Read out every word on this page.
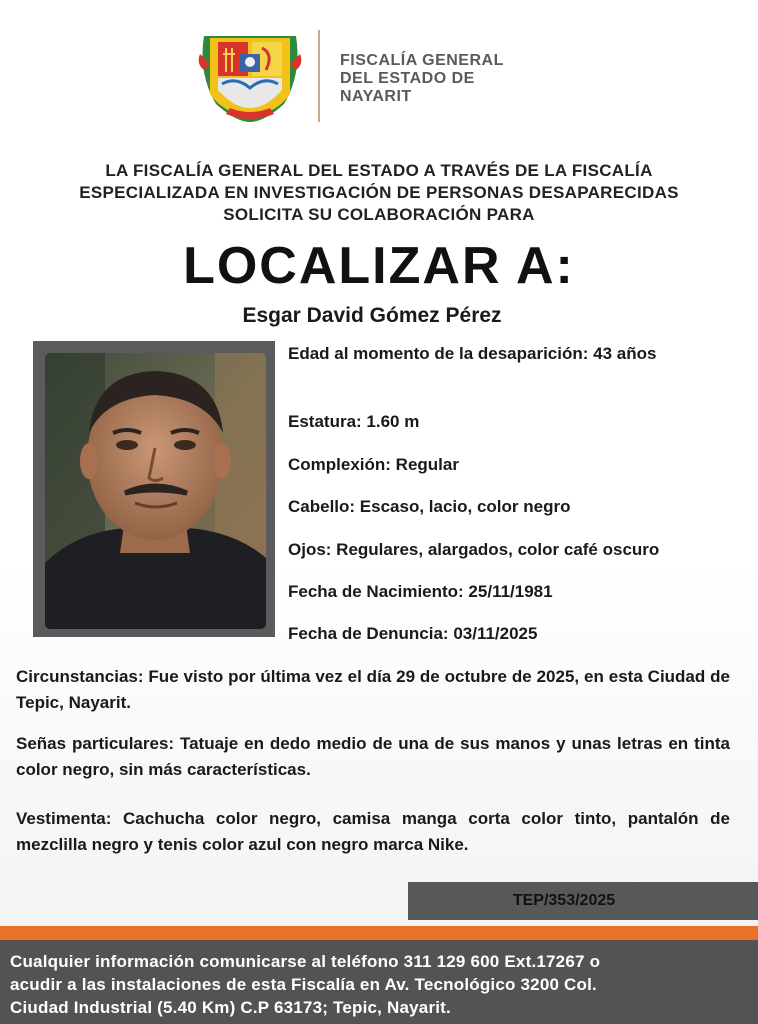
FISCALÍA GENERAL
DEL ESTADO DE
NAYARIT
LA FISCALÍA GENERAL DEL ESTADO A TRAVÉS DE LA FISCALÍA
ESPECIALIZADA EN INVESTIGACIÓN DE PERSONAS DESAPARECIDAS
SOLICITA SU COLABORACIÓN PARA
LOCALIZAR A:
Esgar David Gómez Pérez
Edad al momento de la desaparición: 43 años
Estatura: 1.60 m
Complexión: Regular
Cabello: Escaso, lacio, color negro
Ojos: Regulares, alargados, color café oscuro
Fecha de Nacimiento: 25/11/1981
Fecha de Denuncia: 03/11/2025
Circunstancias: Fue visto por última vez el día 29 de octubre de 2025, en esta Ciudad de Tepic, Nayarit.
Señas particulares: Tatuaje en dedo medio de una de sus manos y unas letras en tinta color negro, sin más características.
Vestimenta: Cachucha color negro, camisa manga corta color tinto, pantalón de mezclilla negro y tenis color azul con negro marca Nike.
TEP/353/2025
Cualquier información comunicarse al teléfono 311 129 600 Ext.17267 o
acudir a las instalaciones de esta Fiscalía en Av. Tecnológico 3200 Col.
Ciudad Industrial (5.40 Km) C.P 63173; Tepic, Nayarit.
